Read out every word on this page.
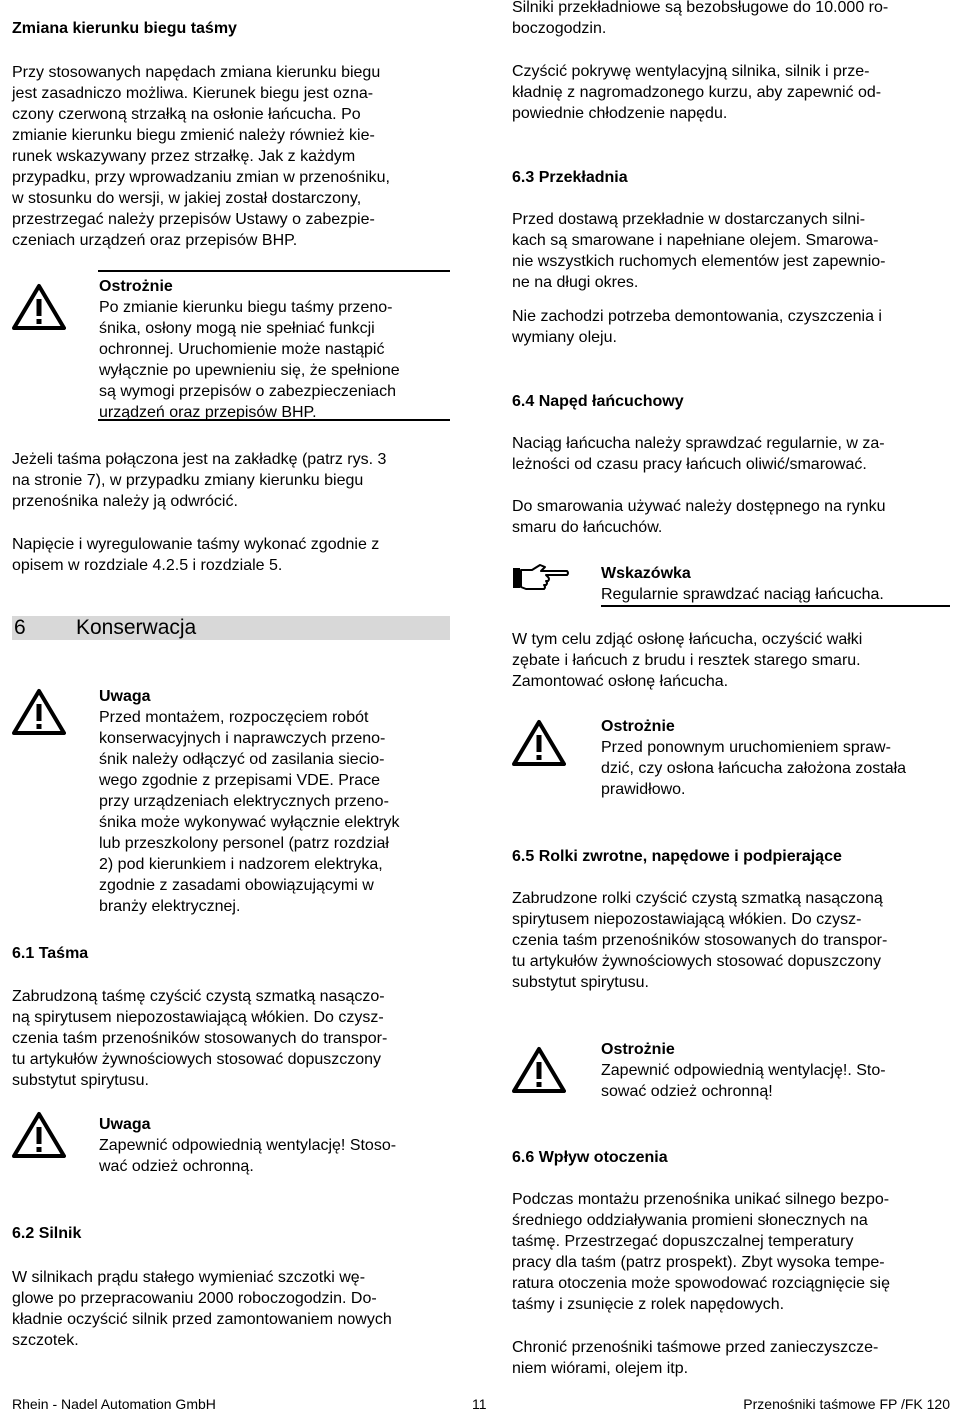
Zmiana kierunku biegu taśmy
Przy stosowanych napędach zmiana kierunku biegu
jest zasadniczo możliwa. Kierunek biegu jest ozna-
czony czerwoną strzałką na osłonie łańcucha. Po
zmianie kierunku biegu zmienić należy również kie-
runek wskazywany przez strzałkę. Jak z każdym
przypadku, przy wprowadzaniu zmian w przenośniku,
w stosunku do wersji, w jakiej został dostarczony,
przestrzegać należy przepisów Ustawy o zabezpie-
czeniach urządzeń oraz przepisów BHP.
Ostrożnie
Po zmianie kierunku biegu taśmy przeno-
śnika, osłony mogą nie spełniać funkcji
ochronnej. Uruchomienie może nastąpić
wyłącznie po upewnieniu się, że spełnione
są wymogi przepisów o zabezpieczeniach
urządzeń oraz przepisów BHP.
Jeżeli taśma połączona jest na zakładkę (patrz rys. 3
na stronie 7), w przypadku zmiany kierunku biegu
przenośnika należy ją odwrócić.
Napięcie i wyregulowanie taśmy wykonać zgodnie z
opisem w rozdziale 4.2.5 i rozdziale 5.
6 Konserwacja
Uwaga
Przed montażem, rozpoczęciem robót
konserwacyjnych i naprawczych przeno-
śnik należy odłączyć od zasilania siecio-
wego zgodnie z przepisami VDE. Prace
przy urządzeniach elektrycznych przeno-
śnika może wykonywać wyłącznie elektryk
lub przeszkolony personel (patrz rozdział
2) pod kierunkiem i nadzorem elektryka,
zgodnie z zasadami obowiązującymi w
branży elektrycznej.
6.1 Taśma
Zabrudzoną taśmę czyścić czystą szmatką nasączo-
ną spirytusem niepozostawiającą włókien. Do czysz-
czenia taśm przenośników stosowanych do transpor-
tu artykułów żywnościowych stosować dopuszczony
substytut spirytusu.
Uwaga
Zapewnić odpowiednią wentylację! Stoso-
wać odzież ochronną.
6.2 Silnik
W silnikach prądu stałego wymieniać szczotki wę-
glowe po przepracowaniu 2000 roboczogodzin. Do-
kładnie oczyścić silnik przed zamontowaniem nowych
szczotek.
Silniki przekładniowe są bezobsługowe do 10.000 ro-
boczogodzin.
Czyścić pokrywę wentylacyjną silnika, silnik i prze-
kładnię z nagromadzonego kurzu, aby zapewnić od-
powiednie chłodzenie napędu.
6.3 Przekładnia
Przed dostawą przekładnie w dostarczanych silni-
kach są smarowane i napełniane olejem. Smarowa-
nie wszystkich ruchomych elementów jest zapewnio-
ne na długi okres.
Nie zachodzi potrzeba demontowania, czyszczenia i
wymiany oleju.
6.4 Napęd łańcuchowy
Naciąg łańcucha należy sprawdzać regularnie, w za-
leżności od czasu pracy łańcuch oliwić/smarować.
Do smarowania używać należy dostępnego na rynku
smaru do łańcuchów.
Wskazówka
Regularnie sprawdzać naciąg łańcucha.
W tym celu zdjąć osłonę łańcucha, oczyścić wałki
zębate i łańcuch z brudu i resztek starego smaru.
Zamontować osłonę łańcucha.
Ostrożnie
Przed ponownym uruchomieniem spraw-
dzić, czy osłona łańcucha założona została
prawidłowo.
6.5 Rolki zwrotne, napędowe i podpierające
Zabrudzone rolki czyścić czystą szmatką nasączoną
spirytusem niepozostawiającą włókien. Do czysz-
czenia taśm przenośników stosowanych do transpor-
tu artykułów żywnościowych stosować dopuszczony
substytut spirytusu.
Ostrożnie
Zapewnić odpowiednią wentylację!. Sto-
sować odzież ochronną!
6.6 Wpływ otoczenia
Podczas montażu przenośnika unikać silnego bezpo-
średniego oddziaływania promieni słonecznych na
taśmę. Przestrzegać dopuszczalnej temperatury
pracy dla taśm (patrz prospekt). Zbyt wysoka tempe-
ratura otoczenia może spowodować rozciągnięcie się
taśmy i zsunięcie z rolek napędowych.
Chronić przenośniki taśmowe przed zanieczyszcze-
niem wiórami, olejem itp.
Rhein - Nadel Automation GmbH	11	Przenośniki taśmowe FP /FK 120
